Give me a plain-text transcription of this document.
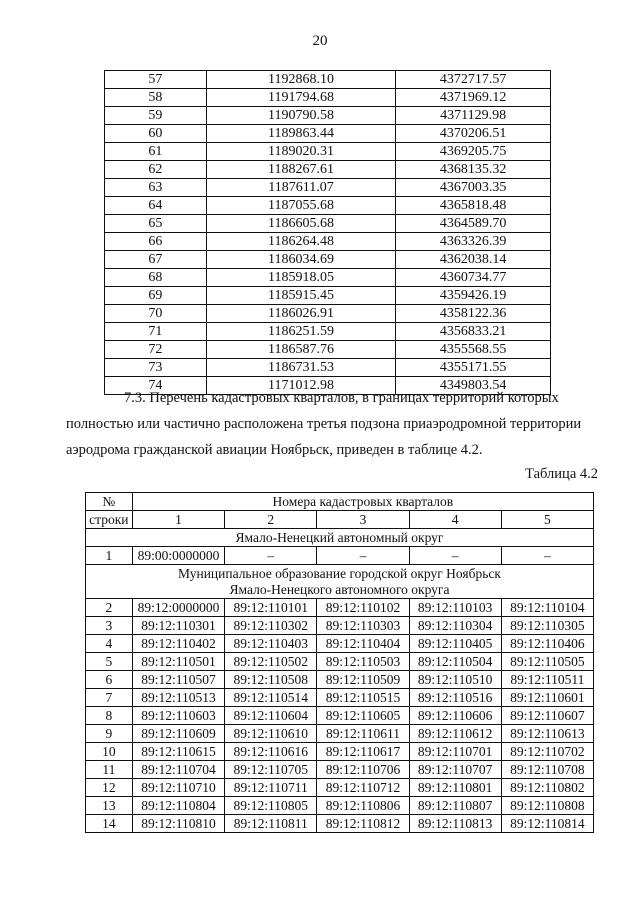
20
57	1192868.10	4372717.57
58	1191794.68	4371969.12
59	1190790.58	4371129.98
60	1189863.44	4370206.51
61	1189020.31	4369205.75
62	1188267.61	4368135.32
63	1187611.07	4367003.35
64	1187055.68	4365818.48
65	1186605.68	4364589.70
66	1186264.48	4363326.39
67	1186034.69	4362038.14
68	1185918.05	4360734.77
69	1185915.45	4359426.19
70	1186026.91	4358122.36
71	1186251.59	4356833.21
72	1186587.76	4355568.55
73	1186731.53	4355171.55
74	1171012.98	4349803.54
7.3. Перечень кадастровых кварталов, в границах территорий которых
полностью или частично расположена третья подзона приаэродромной территории
аэродрома гражданской авиации Ноябрьск, приведен в таблице 4.2.
Таблица 4.2
№	Номера кадастровых кварталов				
строки	1	2	3	4	5
Ямало-Ненецкий автономный округ					
1	89:00:0000000	–	–	–	–

Муниципальное образование городской округ Ноябрьск
Ямало-Ненецкого автономного округа					

2	89:12:0000000	89:12:110101	89:12:110102	89:12:110103	89:12:110104
3	89:12:110301	89:12:110302	89:12:110303	89:12:110304	89:12:110305
4	89:12:110402	89:12:110403	89:12:110404	89:12:110405	89:12:110406
5	89:12:110501	89:12:110502	89:12:110503	89:12:110504	89:12:110505
6	89:12:110507	89:12:110508	89:12:110509	89:12:110510	89:12:110511
7	89:12:110513	89:12:110514	89:12:110515	89:12:110516	89:12:110601
8	89:12:110603	89:12:110604	89:12:110605	89:12:110606	89:12:110607
9	89:12:110609	89:12:110610	89:12:110611	89:12:110612	89:12:110613
10	89:12:110615	89:12:110616	89:12:110617	89:12:110701	89:12:110702
11	89:12:110704	89:12:110705	89:12:110706	89:12:110707	89:12:110708
12	89:12:110710	89:12:110711	89:12:110712	89:12:110801	89:12:110802
13	89:12:110804	89:12:110805	89:12:110806	89:12:110807	89:12:110808
14	89:12:110810	89:12:110811	89:12:110812	89:12:110813	89:12:110814
